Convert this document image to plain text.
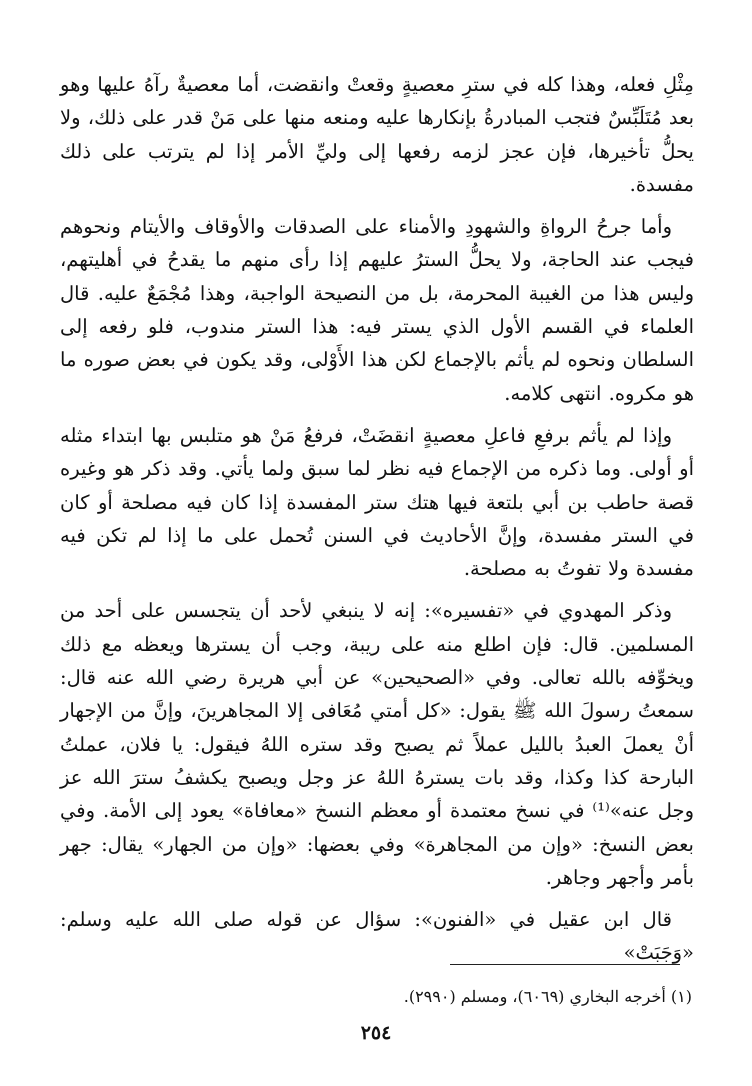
مِثْلِ فعله، وهذا كله في سترِ معصيةٍ وقعتْ وانقضت، أما معصيةٌ رآهُ عليها وهو بعد مُتَلَبِّسٌ فتجب المبادرةُ بإنكارها عليه ومنعه منها على مَنْ قدر على ذلك، ولا يحلُّ تأخيرها، فإن عجز لزمه رفعها إلى وليِّ الأمر إذا لم يترتب على ذلك مفسدة.

وأما جرحُ الرواةِ والشهودِ والأمناء على الصدقات والأوقاف والأيتام ونحوهم فيجب عند الحاجة، ولا يحلُّ السترُ عليهم إذا رأى منهم ما يقدحُ في أهليتهم، وليس هذا من الغيبة المحرمة، بل من النصيحة الواجبة، وهذا مُجْمَعٌ عليه. قال العلماء في القسم الأول الذي يستر فيه: هذا الستر مندوب، فلو رفعه إلى السلطان ونحوه لم يأثم بالإجماع لكن هذا الأَوْلى، وقد يكون في بعض صوره ما هو مكروه. انتهى كلامه.

وإذا لم يأثم برفعِ فاعلِ معصيةٍ انقضَتْ، فرفعُ مَنْ هو متلبس بها ابتداء مثله أو أولى. وما ذكره من الإجماع فيه نظر لما سبق ولما يأتي. وقد ذكر هو وغيره قصة حاطب بن أبي بلتعة فيها هتك ستر المفسدة إذا كان فيه مصلحة أو كان في الستر مفسدة، وإنَّ الأحاديث في السنن تُحمل على ما إذا لم تكن فيه مفسدة ولا تفوتُ به مصلحة.

وذكر المهدوي في «تفسيره»: إنه لا ينبغي لأحد أن يتجسس على أحد من المسلمين. قال: فإن اطلع منه على ريبة، وجب أن يسترها ويعظه مع ذلك ويخوِّفه بالله تعالى. وفي «الصحيحين» عن أبي هريرة رضي الله عنه قال: سمعتُ رسولَ الله ﷺ يقول: «كل أمتي مُعَافى إلا المجاهرينَ، وإنَّ من الإجهار أنْ يعملَ العبدُ بالليل عملاً ثم يصبح وقد ستره اللهُ فيقول: يا فلان، عملتُ البارحة كذا وكذا، وقد بات يسترهُ اللهُ عز وجل ويصبح يكشفُ سترَ الله عز وجل عنه»⁽¹⁾ في نسخ معتمدة أو معظم النسخ «معافاة» يعود إلى الأمة. وفي بعض النسخ: «وإن من المجاهرة» وفي بعضها: «وإن من الجهار» يقال: جهر بأمر وأجهر وجاهر.

قال ابن عقيل في «الفنون»: سؤال عن قوله صلى الله عليه وسلم: «وَجَبَتْ»

(١) أخرجه البخاري (٦٠٦٩)، ومسلم (٢٩٩٠).
٢٥٤
